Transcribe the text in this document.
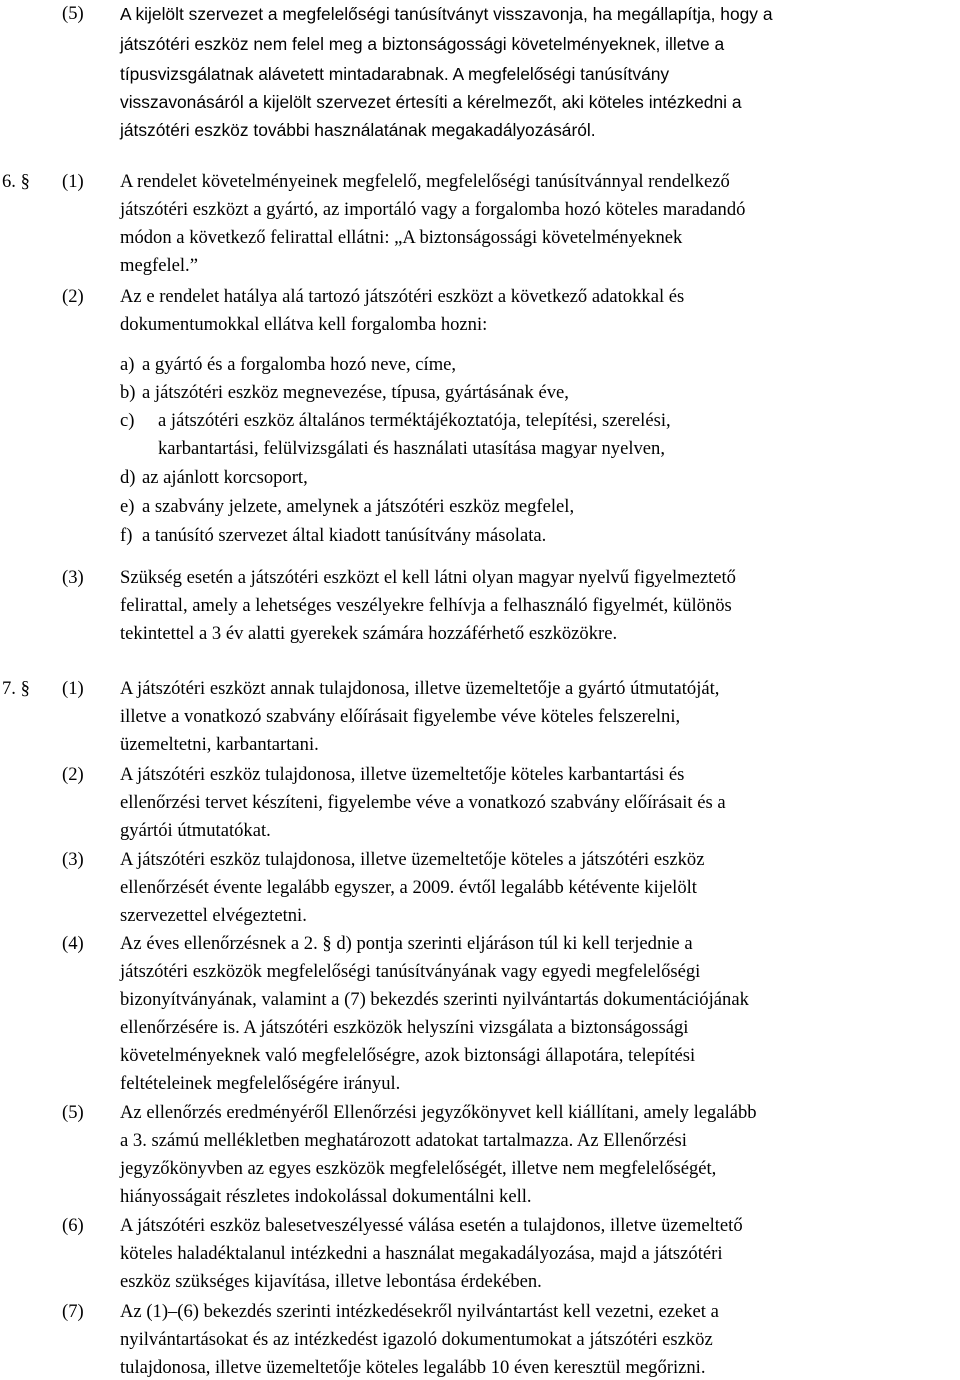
(5) A kijelölt szervezet a megfelelőségi tanúsítványt visszavonja, ha megállapítja, hogy a
játszótéri eszköz nem felel meg a biztonságossági követelményeknek, illetve a
típusvizsgálatnak alávetett mintadarabnak. A megfelelőségi tanúsítvány
visszavonásáról a kijelölt szervezet értesíti a kérelmezőt, aki köteles intézkedni a
játszótéri eszköz további használatának megakadályozásáról.
6. § (1) A rendelet követelményeinek megfelelő, megfelelőségi tanúsítvánnyal rendelkező
játszótéri eszközt a gyártó, az importáló vagy a forgalomba hozó köteles maradandó
módon a következő felirattal ellátni: „A biztonságossági követelményeknek
megfelel.”
(2) Az e rendelet hatálya alá tartozó játszótéri eszközt a következő adatokkal és
dokumentumokkal ellátva kell forgalomba hozni:
a) a gyártó és a forgalomba hozó neve, címe,
b) a játszótéri eszköz megnevezése, típusa, gyártásának éve,
c) a játszótéri eszköz általános terméktájékoztatója, telepítési, szerelési,
karbantartási, felülvizsgálati és használati utasítása magyar nyelven,
d) az ajánlott korcsoport,
e) a szabvány jelzete, amelynek a játszótéri eszköz megfelel,
f) a tanúsító szervezet által kiadott tanúsítvány másolata.
(3) Szükség esetén a játszótéri eszközt el kell látni olyan magyar nyelvű figyelmeztető
felirattal, amely a lehetséges veszélyekre felhívja a felhasználó figyelmét, különös
tekintettel a 3 év alatti gyerekek számára hozzáférhető eszközökre.
7. § (1) A játszótéri eszközt annak tulajdonosa, illetve üzemeltetője a gyártó útmutatóját,
illetve a vonatkozó szabvány előírásait figyelembe véve köteles felszerelni,
üzemeltetni, karbantartani.
(2) A játszótéri eszköz tulajdonosa, illetve üzemeltetője köteles karbantartási és
ellenőrzési tervet készíteni, figyelembe véve a vonatkozó szabvány előírásait és a
gyártói útmutatókat.
(3) A játszótéri eszköz tulajdonosa, illetve üzemeltetője köteles a játszótéri eszköz
ellenőrzését évente legalább egyszer, a 2009. évtől legalább kétévente kijelölt
szervezettel elvégeztetni.
(4) Az éves ellenőrzésnek a 2. § d) pontja szerinti eljáráson túl ki kell terjednie a
játszótéri eszközök megfelelőségi tanúsítványának vagy egyedi megfelelőségi
bizonyítványának, valamint a (7) bekezdés szerinti nyilvántartás dokumentációjának
ellenőrzésére is. A játszótéri eszközök helyszíni vizsgálata a biztonságossági
követelményeknek való megfelelőségre, azok biztonsági állapotára, telepítési
feltételeinek megfelelőségére irányul.
(5) Az ellenőrzés eredményéről Ellenőrzési jegyzőkönyvet kell kiállítani, amely legalább
a 3. számú mellékletben meghatározott adatokat tartalmazza. Az Ellenőrzési
jegyzőkönyvben az egyes eszközök megfelelőségét, illetve nem megfelelőségét,
hiányosságait részletes indokolással dokumentálni kell.
(6) A játszótéri eszköz balesetveszélyessé válása esetén a tulajdonos, illetve üzemeltető
köteles haladéktalanul intézkedni a használat megakadályozása, majd a játszótéri
eszköz szükséges kijavítása, illetve lebontása érdekében.
(7) Az (1)–(6) bekezdés szerinti intézkedésekről nyilvántartást kell vezetni, ezeket a
nyilvántartásokat és az intézkedést igazoló dokumentumokat a játszótéri eszköz
tulajdonosa, illetve üzemeltetője köteles legalább 10 éven keresztül megőrizni.
